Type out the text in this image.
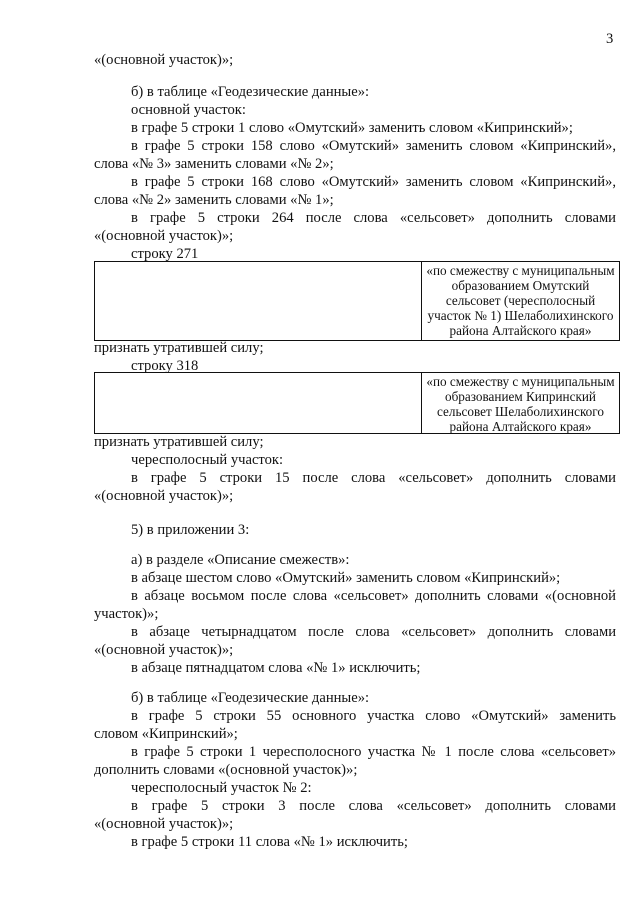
3
«(основной участок)»;
б) в таблице «Геодезические данные»:
основной участок:
в графе 5 строки 1 слово «Омутский» заменить словом «Кипринский»;
в графе 5 строки 158 слово «Омутский» заменить словом «Кипринский»,
слова «№ 3» заменить словами «№ 2»;
в графе 5 строки 168 слово «Омутский» заменить словом «Кипринский»,
слова «№ 2» заменить словами «№ 1»;
в графе 5 строки 264 после слова «сельсовет» дополнить словами
«(основной участок)»;
строку 271
«по смежеству с муниципальным
образованием Омутский
сельсовет (чересполосный
участок № 1) Шелаболихинского
района Алтайского края»
признать утратившей силу;
строку 318
«по смежеству с муниципальным
образованием Кипринский
сельсовет Шелаболихинского
района Алтайского края»
признать утратившей силу;
чересполосный участок:
в графе 5 строки 15 после слова «сельсовет» дополнить словами
«(основной участок)»;
5) в приложении 3:
а) в разделе «Описание смежеств»:
в абзаце шестом слово «Омутский» заменить словом «Кипринский»;
в абзаце восьмом после слова «сельсовет» дополнить словами «(основной
участок)»;
в абзаце четырнадцатом после слова «сельсовет» дополнить словами
«(основной участок)»;
в абзаце пятнадцатом слова «№ 1» исключить;
б) в таблице «Геодезические данные»:
в графе 5 строки 55 основного участка слово «Омутский» заменить
словом «Кипринский»;
в графе 5 строки 1 чересполосного участка № 1 после слова «сельсовет»
дополнить словами «(основной участок)»;
чересполосный участок № 2:
в графе 5 строки 3 после слова «сельсовет» дополнить словами
«(основной участок)»;
в графе 5 строки 11 слова «№ 1» исключить;
